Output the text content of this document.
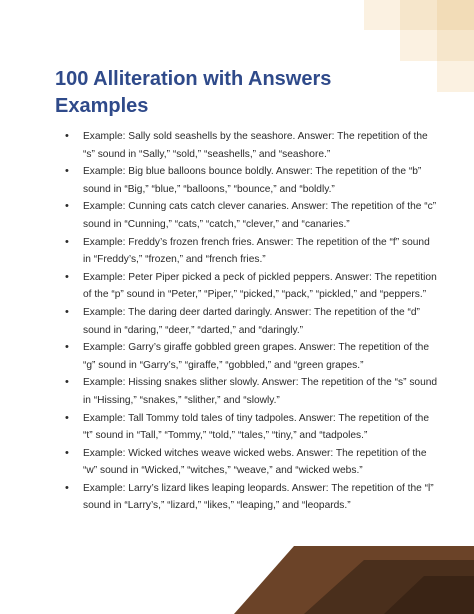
100 Alliteration with Answers
Examples
• Example: Sally sold seashells by the seashore. Answer: The repetition of the “s” sound in “Sally,” “sold,” “seashells,” and “seashore.”
• Example: Big blue balloons bounce boldly. Answer: The repetition of the “b” sound in “Big,” “blue,” “balloons,” “bounce,” and “boldly.”
• Example: Cunning cats catch clever canaries. Answer: The repetition of the “c” sound in “Cunning,” “cats,” “catch,” “clever,” and “canaries.”
• Example: Freddy’s frozen french fries. Answer: The repetition of the “f” sound in “Freddy’s,” “frozen,” and “french fries.”
• Example: Peter Piper picked a peck of pickled peppers. Answer: The repetition of the “p” sound in “Peter,” “Piper,” “picked,” “pack,” “pickled,” and “peppers.”
• Example: The daring deer darted daringly. Answer: The repetition of the “d” sound in “daring,” “deer,” “darted,” and “daringly.”
• Example: Garry’s giraffe gobbled green grapes. Answer: The repetition of the “g” sound in “Garry’s,” “giraffe,” “gobbled,” and “green grapes.”
• Example: Hissing snakes slither slowly. Answer: The repetition of the “s” sound in “Hissing,” “snakes,” “slither,” and “slowly.”
• Example: Tall Tommy told tales of tiny tadpoles. Answer: The repetition of the “t” sound in “Tall,” “Tommy,” “told,” “tales,” “tiny,” and “tadpoles.”
• Example: Wicked witches weave wicked webs. Answer: The repetition of the “w” sound in “Wicked,” “witches,” “weave,” and “wicked webs.”
• Example: Larry’s lizard likes leaping leopards. Answer: The repetition of the “l” sound in “Larry’s,” “lizard,” “likes,” “leaping,” and “leopards.”
